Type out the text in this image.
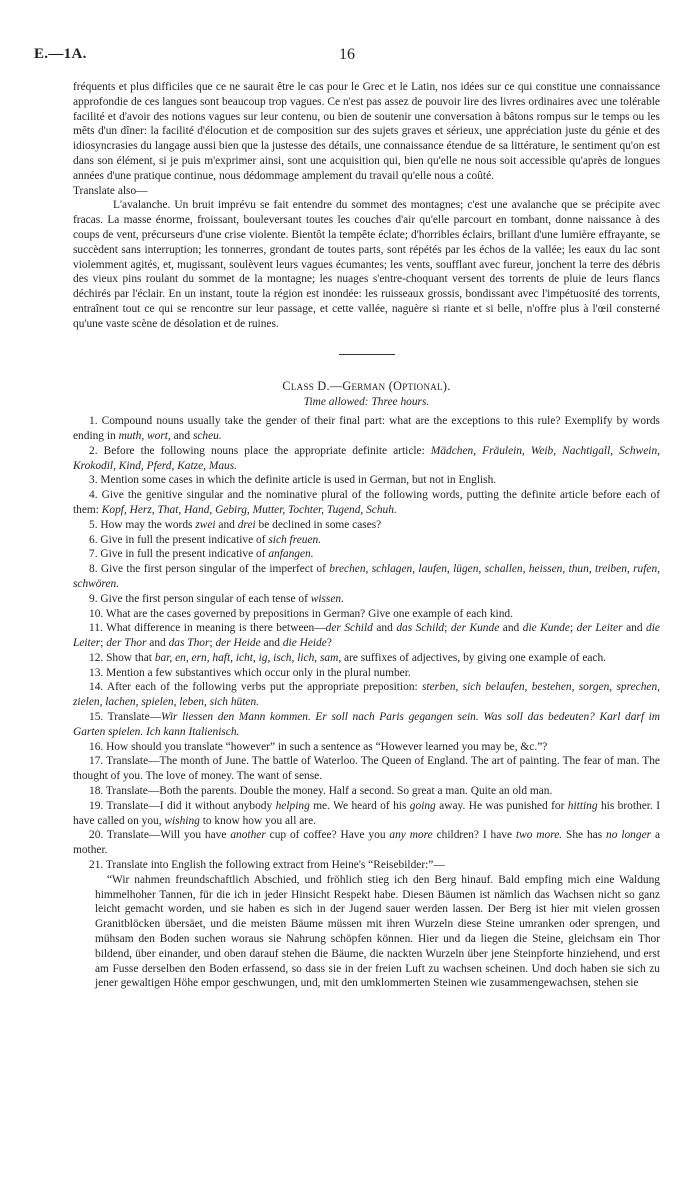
E.—1A.	16

fréquents et plus difficiles que ce ne saurait être le cas pour le Grec et le Latin, nos idées sur ce qui constitue une connaissance approfondie de ces langues sont beaucoup trop vagues. Ce n'est pas assez de pouvoir lire des livres ordinaires avec une tolérable facilité et d'avoir des notions vagues sur leur contenu, ou bien de soutenir une conversation à bâtons rompus sur le temps ou les mêts d'un dîner: la facilité d'élocution et de composition sur des sujets graves et sérieux, une appréciation juste du génie et des idiosyncrasies du langage aussi bien que la justesse des détails, une connaissance étendue de sa littérature, le sentiment qu'on est dans son élément, si je puis m'exprimer ainsi, sont une acquisition qui, bien qu'elle ne nous soit accessible qu'après de longues années d'une pratique continue, nous dédommage amplement du travail qu'elle nous a coûté.

Translate also—

L'avalanche. Un bruit imprévu se fait entendre du sommet des montagnes; c'est une avalanche que se précipite avec fracas. La masse énorme, froissant, bouleversant toutes les couches d'air qu'elle parcourt en tombant, donne naissance à des coups de vent, précurseurs d'une crise violente. Bientôt la tempête éclate; d'horribles éclairs, brillant d'une lumière effrayante, se succèdent sans interruption; les tonnerres, grondant de toutes parts, sont répétés par les échos de la vallée; les eaux du lac sont violemment agités, et, mugissant, soulèvent leurs vagues écumantes; les vents, soufflant avec fureur, jonchent la terre des débris des vieux pins roulant du sommet de la montagne; les nuages s'entre-choquant versent des torrents de pluie de leurs flancs déchirés par l'éclair. En un instant, toute la région est inondée: les ruisseaux grossis, bondissant avec l'impétuosité des torrents, entraînent tout ce qui se rencontre sur leur passage, et cette vallée, naguère si riante et si belle, n'offre plus à l'œil consterné qu'une vaste scène de désolation et de ruines.

Class D.—German (Optional).
Time allowed: Three hours.

1. Compound nouns usually take the gender of their final part: what are the exceptions to this rule? Exemplify by words ending in muth, wort, and scheu.

2. Before the following nouns place the appropriate definite article: Mädchen, Fräulein, Weib, Nachtigall, Schwein, Krokodil, Kind, Pferd, Katze, Maus.

3. Mention some cases in which the definite article is used in German, but not in English.

4. Give the genitive singular and the nominative plural of the following words, putting the definite article before each of them: Kopf, Herz, That, Hand, Gebirg, Mutter, Tochter, Tugend, Schuh.

5. How may the words zwei and drei be declined in some cases?

6. Give in full the present indicative of sich freuen.

7. Give in full the present indicative of anfangen.

8. Give the first person singular of the imperfect of brechen, schlagen, laufen, lügen, schallen, heissen, thun, treiben, rufen, schwören.

9. Give the first person singular of each tense of wissen.

10. What are the cases governed by prepositions in German? Give one example of each kind.

11. What difference in meaning is there between—der Schild and das Schild; der Kunde and die Kunde; der Leiter and die Leiter; der Thor and das Thor; der Heide and die Heide?

12. Show that bar, en, ern, haft, icht, ig, isch, lich, sam, are suffixes of adjectives, by giving one example of each.

13. Mention a few substantives which occur only in the plural number.

14. After each of the following verbs put the appropriate preposition: sterben, sich belaufen, bestehen, sorgen, sprechen, zielen, lachen, spielen, leben, sich hüten.

15. Translate—Wir liessen den Mann kommen. Er soll nach Paris gegangen sein. Was soll das bedeuten? Karl darf im Garten spielen. Ich kann Italienisch.

16. How should you translate “however” in such a sentence as “However learned you may be, &c.”?

17. Translate—The month of June. The battle of Waterloo. The Queen of England. The art of painting. The fear of man. The thought of you. The love of money. The want of sense.

18. Translate—Both the parents. Double the money. Half a second. So great a man. Quite an old man.

19. Translate—I did it without anybody helping me. We heard of his going away. He was punished for hitting his brother. I have called on you, wishing to know how you all are.

20. Translate—Will you have another cup of coffee? Have you any more children? I have two more. She has no longer a mother.

21. Translate into English the following extract from Heine's “Reisebilder:”—

“Wir nahmen freundschaftlich Abschied, und fröhlich stieg ich den Berg hinauf. Bald empfing mich eine Waldung himmelhoher Tannen, für die ich in jeder Hinsicht Respekt habe. Diesen Bäumen ist nämlich das Wachsen nicht so ganz leicht gemacht worden, und sie haben es sich in der Jugend sauer werden lassen. Der Berg ist hier mit vielen grossen Granitblöcken übersäet, und die meisten Bäume müssen mit ihren Wurzeln diese Steine umranken oder sprengen, und mühsam den Boden suchen woraus sie Nahrung schöpfen können. Hier und da liegen die Steine, gleichsam ein Thor bildend, über einander, und oben darauf stehen die Bäume, die nackten Wurzeln über jene Steinpforte hinziehend, und erst am Fusse derselben den Boden erfassend, so dass sie in der freien Luft zu wachsen scheinen. Und doch haben sie sich zu jener gewaltigen Höhe empor geschwungen, und, mit den umklommerten Steinen wie zusammengewachsen, stehen sie
